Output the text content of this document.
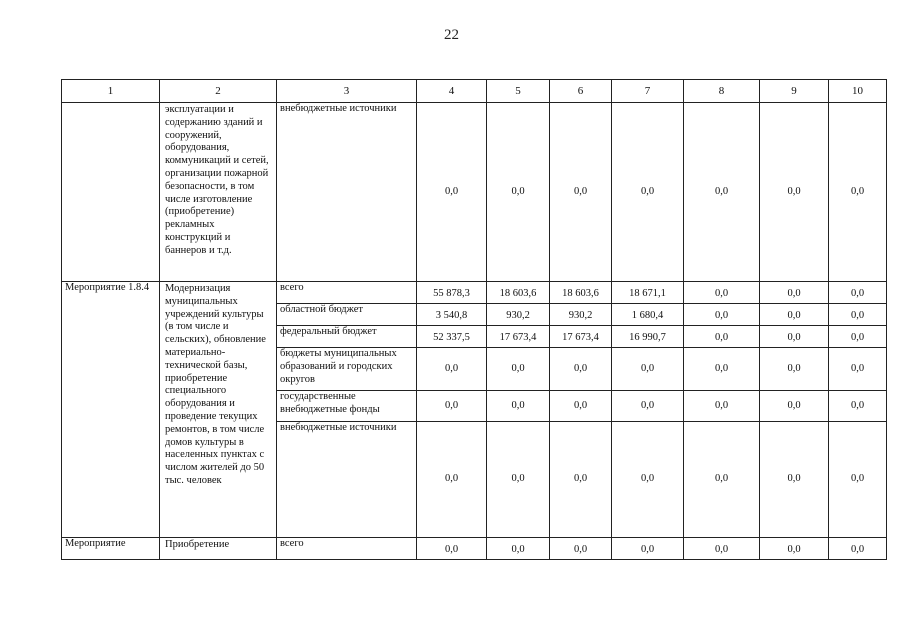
22
1	2	3	4	5	6	7	8	9	10
	эксплуатации и содержанию зданий и сооружений, оборудования, коммуникаций и сетей, организации пожарной безопасности, в том числе изготовление (приобретение) рекламных конструкций и баннеров и т.д.	внебюджетные источники	0,0	0,0	0,0	0,0	0,0	0,0	0,0
Мероприятие 1.8.4	Модернизация муниципальных учреждений культуры (в том числе и сельских), обновление материально-технической базы, приобретение специального оборудования и проведение текущих ремонтов, в том числе домов культуры в населенных пунктах с числом жителей до 50 тыс. человек	всего	55 878,3	18 603,6	18 603,6	18 671,1	0,0	0,0	0,0
		областной бюджет	3 540,8	930,2	930,2	1 680,4	0,0	0,0	0,0
		федеральный бюджет	52 337,5	17 673,4	17 673,4	16 990,7	0,0	0,0	0,0
		бюджеты муниципальных образований и городских округов	0,0	0,0	0,0	0,0	0,0	0,0	0,0
		государственные внебюджетные фонды	0,0	0,0	0,0	0,0	0,0	0,0	0,0
		внебюджетные источники	0,0	0,0	0,0	0,0	0,0	0,0	0,0
Мероприятие	Приобретение	всего	0,0	0,0	0,0	0,0	0,0	0,0	0,0
